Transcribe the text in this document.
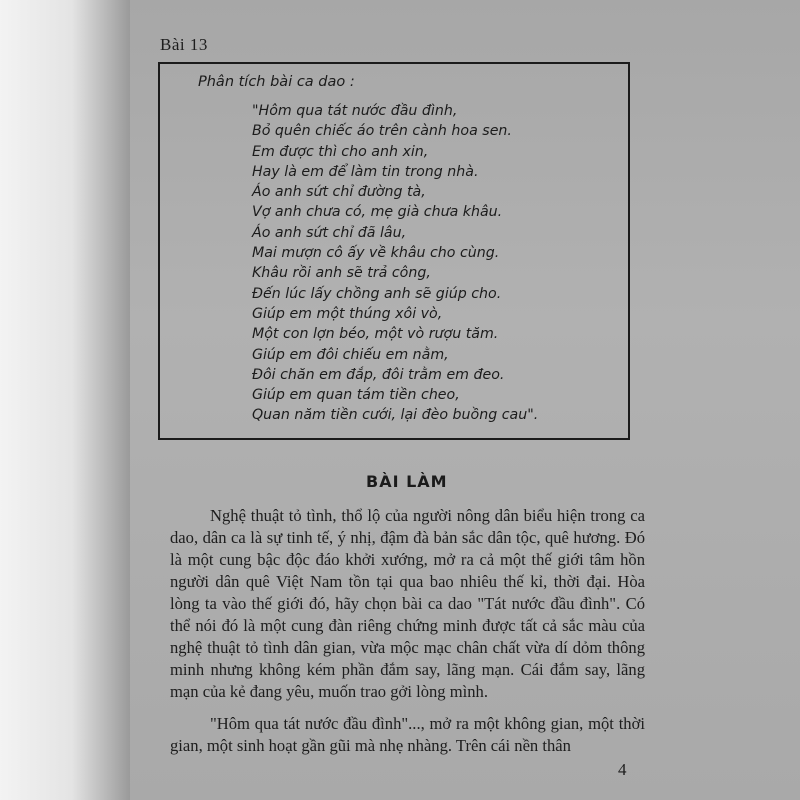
Bài 13
Phân tích bài ca dao :
"Hôm qua tát nước đầu đình,
Bỏ quên chiếc áo trên cành hoa sen.
Em được thì cho anh xin,
Hay là em để làm tin trong nhà.
Áo anh sứt chỉ đường tà,
Vợ anh chưa có, mẹ già chưa khâu.
Áo anh sứt chỉ đã lâu,
Mai mượn cô ấy về khâu cho cùng.
Khâu rồi anh sẽ trả công,
Đến lúc lấy chồng anh sẽ giúp cho.
Giúp em một thúng xôi vò,
Một con lợn béo, một vò rượu tăm.
Giúp em đôi chiếu em nằm,
Đôi chăn em đắp, đôi trằm em đeo.
Giúp em quan tám tiền cheo,
Quan năm tiền cưới, lại đèo buồng cau".
BÀI LÀM

Nghệ thuật tỏ tình, thổ lộ của người nông dân biểu hiện trong ca dao, dân ca là sự tinh tế, ý nhị, đậm đà bản sắc dân tộc, quê hương. Đó là một cung bậc độc đáo khởi xướng, mở ra cả một thế giới tâm hồn người dân quê Việt Nam tồn tại qua bao nhiêu thế kỉ, thời đại. Hòa lòng ta vào thế giới đó, hãy chọn bài ca dao "Tát nước đầu đình". Có thể nói đó là một cung đàn riêng chứng minh được tất cả sắc màu của nghệ thuật tỏ tình dân gian, vừa mộc mạc chân chất vừa dí dỏm thông minh nhưng không kém phần đắm say, lãng mạn. Cái đắm say, lãng mạn của kẻ đang yêu, muốn trao gởi lòng mình.

"Hôm qua tát nước đầu đình"..., mở ra một không gian, một thời gian, một sinh hoạt gần gũi mà nhẹ nhàng. Trên cái nền thân

4
